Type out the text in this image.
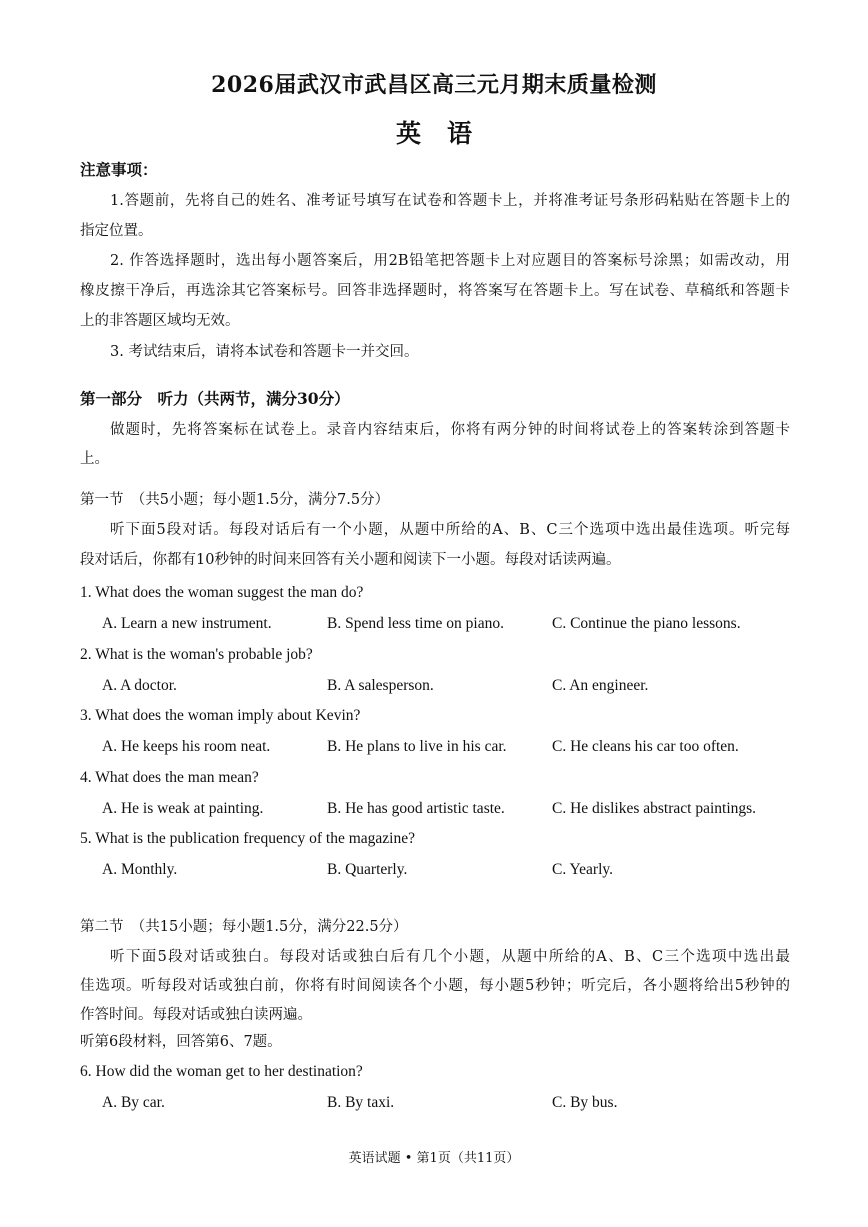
2026届武汉市武昌区高三元月期末质量检测
英语
注意事项：
1.答题前，先将自己的姓名、准考证号填写在试卷和答题卡上，并将准考证号条形码粘贴在答题卡上的
指定位置。
2. 作答选择题时，选出每小题答案后，用2B铅笔把答题卡上对应题目的答案标号涂黑；如需改动，用
橡皮擦干净后，再选涂其它答案标号。回答非选择题时，将答案写在答题卡上。写在试卷、草稿纸和答题卡
上的非答题区域均无效。
3. 考试结束后，请将本试卷和答题卡一并交回。
第一部分　听力（共两节，满分30分）
做题时，先将答案标在试卷上。录音内容结束后，你将有两分钟的时间将试卷上的答案转涂到答题卡
上。
第一节　（共5小题；每小题1.5分，满分7.5分）
听下面5段对话。每段对话后有一个小题，从题中所给的A、B、C三个选项中选出最佳选项。听完每
段对话后，你都有10秒钟的时间来回答有关小题和阅读下一小题。每段对话读两遍。
1. What does the woman suggest the man do?
A. Learn a new instrument.	B. Spend less time on piano.	C. Continue the piano lessons.
2. What is the woman's probable job?
A. A doctor.	B. A salesperson.	C. An engineer.
3. What does the woman imply about Kevin?
A. He keeps his room neat.	B. He plans to live in his car.	C. He cleans his car too often.
4. What does the man mean?
A. He is weak at painting.	B. He has good artistic taste.	C. He dislikes abstract paintings.
5. What is the publication frequency of the magazine?
A. Monthly.	B. Quarterly.	C. Yearly.
第二节　（共15小题；每小题1.5分，满分22.5分）
听下面5段对话或独白。每段对话或独白后有几个小题，从题中所给的A、B、C三个选项中选出最
佳选项。听每段对话或独白前，你将有时间阅读各个小题，每小题5秒钟；听完后，各小题将给出5秒钟的
作答时间。每段对话或独白读两遍。
听第6段材料，回答第6、7题。
6. How did the woman get to her destination?
A. By car.	B. By taxi.	C. By bus.
英语试题 • 第1页（共11页）
